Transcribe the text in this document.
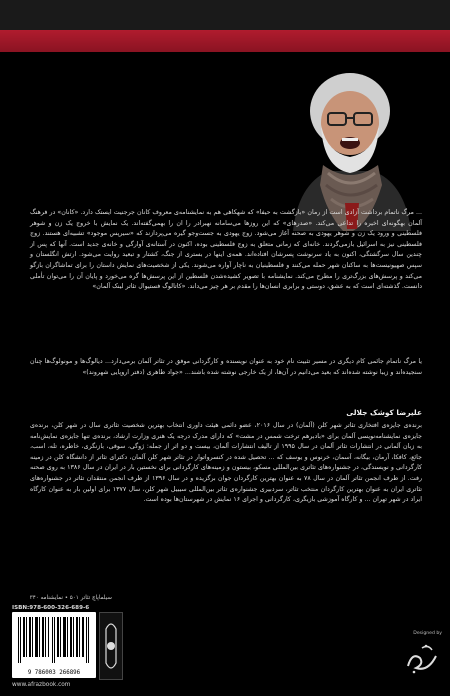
... مرگ ناتمام برداشت آزادی است از رمان «بازگشت به حیفا» که شهکاهی هم به نمایشنامه‌ی معروف کانان جرجنیت ایستک دارد. «کانان» در فرهنگ آلمان بهگونه‌ای اخیره را تداعی می‌کند. «صدرهای» که این روزها می‌سامانه نهبرادر را ان را بهمی‌گفته‌اند. یک نمایش با خروج یک زن و شوهر فلسطینی و ورود یک زن و شوهر یهودی به صحنه آغاز می‌شود. زوج یهودی به جست‌وجو گیره می‌پردازند که «سیرپس موجود» تشبیه‌ای هستند. زوج فلسطینی نیز به اسرائیل بازمی‌گردند. خانه‌ای که زمانی متعلق به زوج فلسطینی بوده، اکنون در آستانه‌ی آوارگی و خانه‌ی جدید است. آنها که پس از چندین سال سرگشتگی، اکنون به یاد سرنوشت پسرشان افتاده‌اند. همه‌ی اینها در بستری از جنگ، کشتار و تبعید روایت می‌شود. ارتش انگلستان و سپس صهیونیست‌ها به ساکنان شهر حمله می‌کنند و فلسطینیان به ناچار آواره می‌شوند. یکی از شخصیت‌های نمایش داستان را برای تماشاگران بازگو می‌کند و پرسش‌های بزرگ‌تری را مطرح می‌کند. نمایشنامه با تصویر کشیده‌شدن فلسطین از این پرسش‌ها گره می‌خورد و پایان آن را می‌توان تأملی دانست. گذشته‌ای است که به عشق، دوستی و برابری انسان‌ها را مقدم بر هر چیز می‌داند. «کاتالوگ فستیوال تئاتر لینک آلمان»
یا مرگ ناتمام جائمی کام دیگری در مسیر تثبیت نام خود به عنوان نویسنده و کارگردانی موفق در تئاتر آلمان برمی‌دارد... دیالوگ‌ها و مونولوگ‌ها چنان سنجیده‌اند و زیبا نوشته شده‌اند که بعید می‌دانیم در آن‌ها، از یک خارجی نوشته شده باشند... «جواد طاهری (دفتر اروپایی شهروند)»
علیرضا کوشک جلالی
برنده‌ی جایزه‌ی افتخاری تئاتر شهر کلن (آلمان) در سال ۲۰۱۶، عضو دائمی هیئت داوری انتخاب بهترین شخصیت تئاتری سال در شهر کلن، برنده‌ی جایزه‌ی نمایشنامه‌نویسی آلمان برای «بادبرهم ترخت شمس در مشت» که دارای مدرک درجه یک هنری وزارت ارشاد، برنده‌ی تنها جایزه‌ی نمایش‌نامه به زبان آلمانی در انتشارات تئاتر آلمان در سال ۱۹۹۵ از تالیف انتشارات آلمان، بیست و دو اثر از جمله: ژوگی، سوفی، بازنگری، خاطره، تله، اسب، جائع، کافکا، آرمان، بیگانه، آسمان، خرنوس و یوسف که ... تحصیل شده در کنسرواتوار در تئاتر شهر کلن آلمان، دکترای تئاتر از دانشگاه کلن در زمینه کارگردانی و نویسندگی، در جشنواره‌های تئاتری بین‌المللی مسکو، بیستون و زمینه‌های کارگردانی برای نخستین بار در ایران در سال ۱۳۸۶ به روی صحنه رفت. از طرف انجمن تئاتر آلمان در سال ۷۸ به عنوان بهترین کارگردان جوان برگزیده و در سال ۱۳۹۶ از طرف انجمن منتقدان تئاتر در جشنواره‌های تئاتری ایران به عنوان بهترین کارگردان منتخب تئاتر، سردبیری جشنواره‌ی تئاتر بین‌المللی سیبیل شهر کلن، سال ۱۳۷۷ برای اولین بار به عنوان کارگاه ایراد در شهر تهران ... و کارگاه آموزشی بازیگری، کارگردانی و اجرای ۱۶ نمایش در شهرستان‌ها بوده است.
سیلماپاچ تئاتر ۵۰۱ • نمایشنامه ۳۴۰
ISBN:978-600-326-689-6
9 786003 266896
www.afrazbook.com
Designed by
